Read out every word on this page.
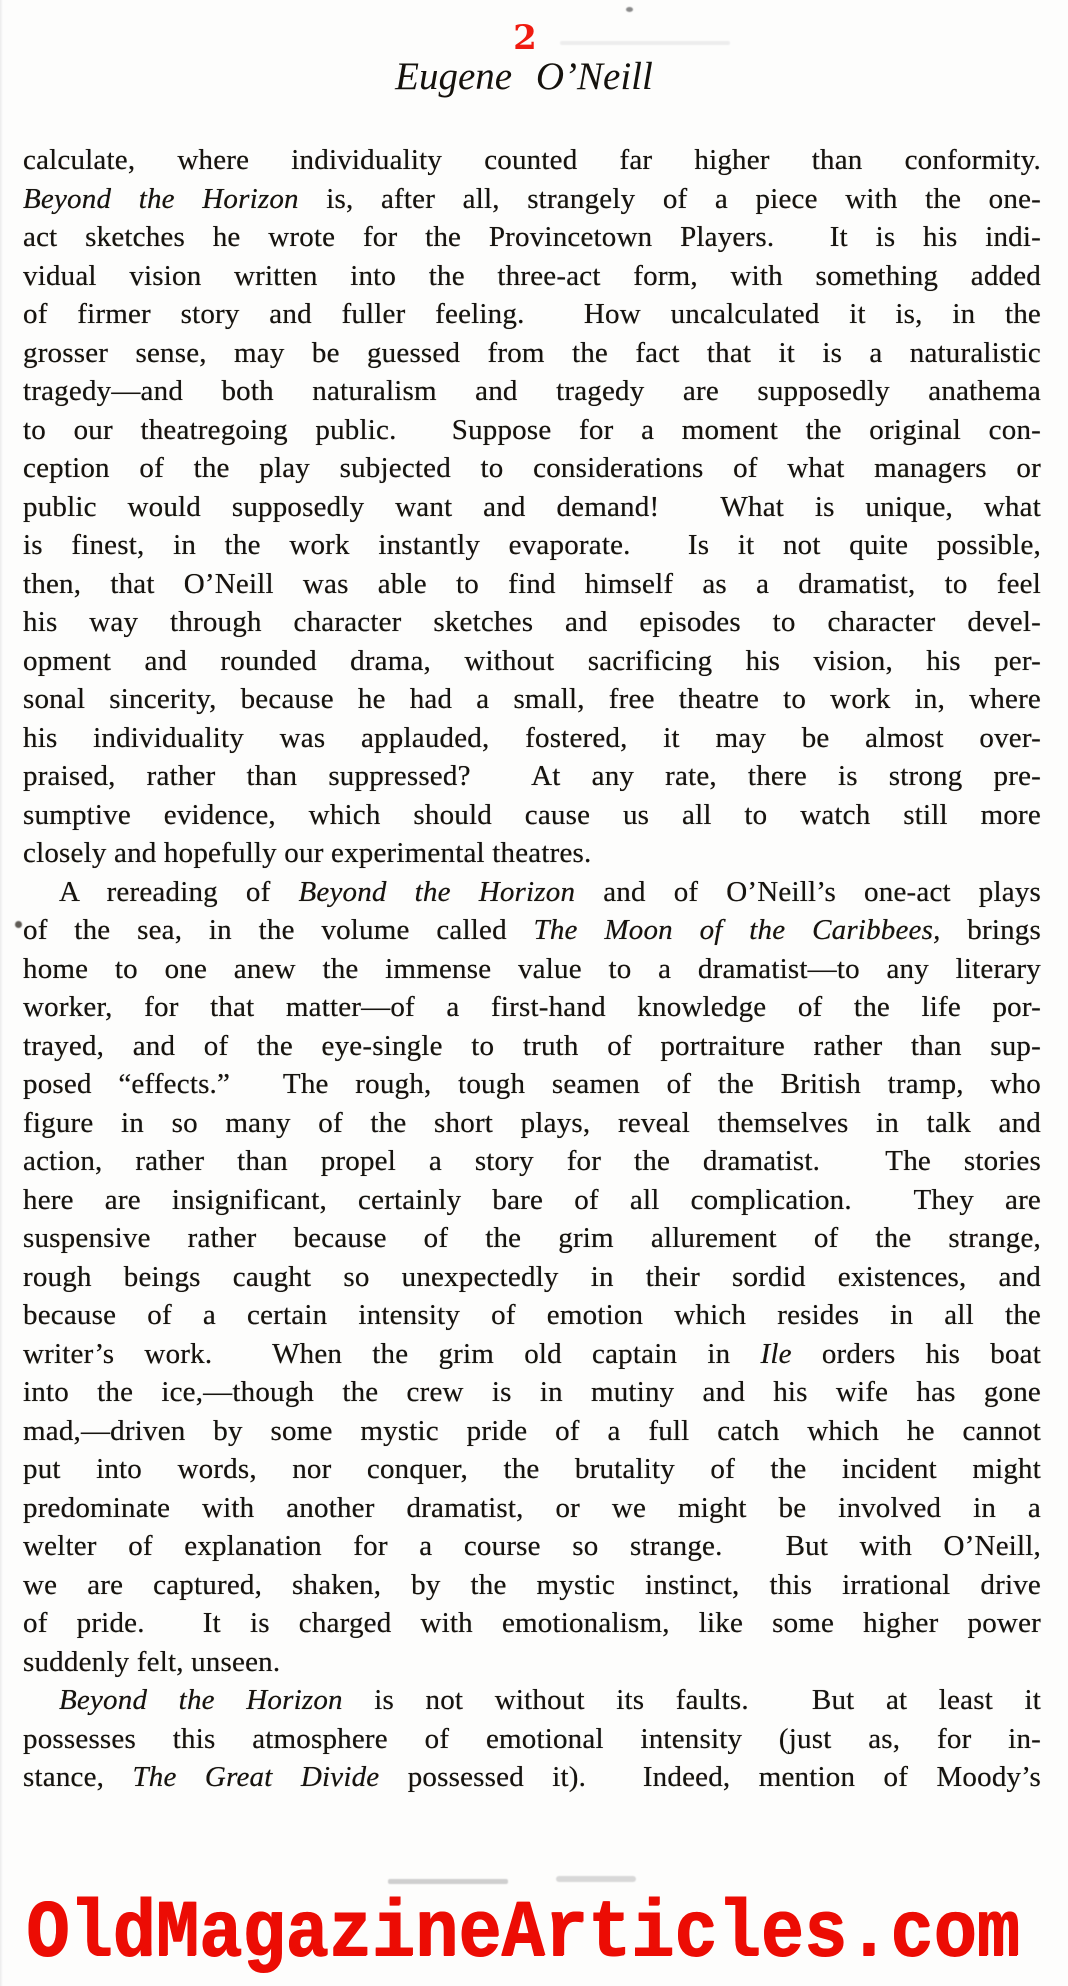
2
Eugene O’Neill
calculate, where individuality counted far higher than conformity.
Beyond the Horizon is, after all, strangely of a piece with the one-
act sketches he wrote for the Provincetown Players.  It is his indi-
vidual vision written into the three-act form, with something added
of firmer story and fuller feeling.  How uncalculated it is, in the
grosser sense, may be guessed from the fact that it is a naturalistic
tragedy—and both naturalism and tragedy are supposedly anathema
to our theatregoing public.  Suppose for a moment the original con-
ception of the play subjected to considerations of what managers or
public would supposedly want and demand!  What is unique, what
is finest, in the work instantly evaporate.  Is it not quite possible,
then, that O’Neill was able to find himself as a dramatist, to feel
his way through character sketches and episodes to character devel-
opment and rounded drama, without sacrificing his vision, his per-
sonal sincerity, because he had a small, free theatre to work in, where
his individuality was applauded, fostered, it may be almost over-
praised, rather than suppressed?  At any rate, there is strong pre-
sumptive evidence, which should cause us all to watch still more
closely and hopefully our experimental theatres.
A rereading of Beyond the Horizon and of O’Neill’s one-act plays
of the sea, in the volume called The Moon of the Caribbees, brings
home to one anew the immense value to a dramatist—to any literary
worker, for that matter—of a first-hand knowledge of the life por-
trayed, and of the eye-single to truth of portraiture rather than sup-
posed “effects.”  The rough, tough seamen of the British tramp, who
figure in so many of the short plays, reveal themselves in talk and
action, rather than propel a story for the dramatist.  The stories
here are insignificant, certainly bare of all complication.  They are
suspensive rather because of the grim allurement of the strange,
rough beings caught so unexpectedly in their sordid existences, and
because of a certain intensity of emotion which resides in all the
writer’s work.  When the grim old captain in Ile orders his boat
into the ice,—though the crew is in mutiny and his wife has gone
mad,—driven by some mystic pride of a full catch which he cannot
put into words, nor conquer, the brutality of the incident might
predominate with another dramatist, or we might be involved in a
welter of explanation for a course so strange.  But with O’Neill,
we are captured, shaken, by the mystic instinct, this irrational drive
of pride.  It is charged with emotionalism, like some higher power
suddenly felt, unseen.
Beyond the Horizon is not without its faults.  But at least it
possesses this atmosphere of emotional intensity (just as, for in-
stance, The Great Divide possessed it).  Indeed, mention of Moody’s
OldMagazineArticles.com
